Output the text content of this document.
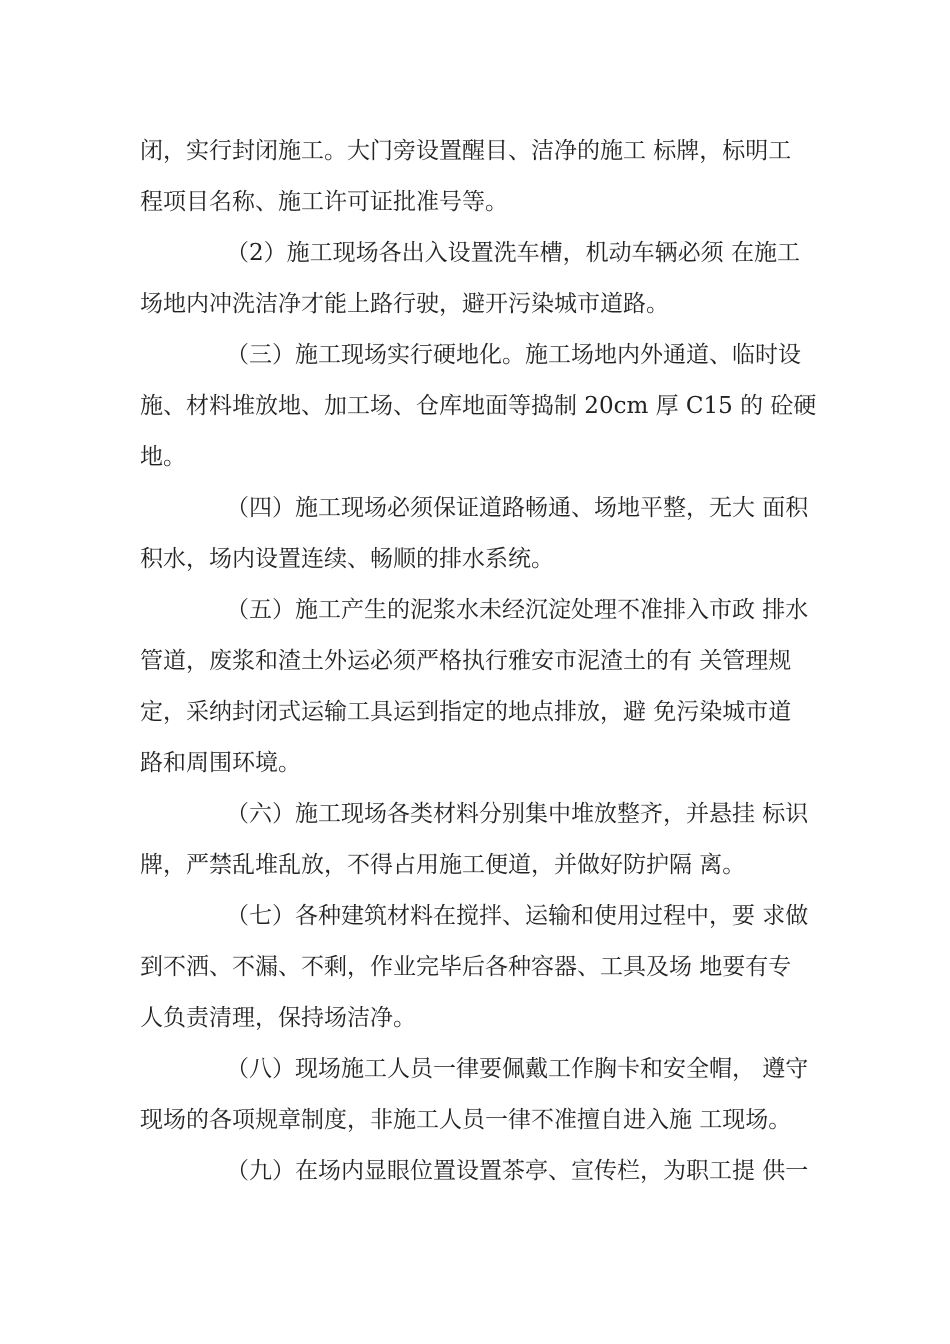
闭，实行封闭施工。大门旁设置醒目、洁净的施工 标牌，标明工
程项目名称、施工许可证批准号等。
（2）施工现场各出入设置洗车槽，机动车辆必须 在施工
场地内冲洗洁净才能上路行驶，避开污染城市道路。
（三）施工现场实行硬地化。施工场地内外通道、临时设
施、材料堆放地、加工场、仓库地面等捣制 20cm 厚 C15 的 砼硬
地。
（四）施工现场必须保证道路畅通、场地平整，无大 面积
积水，场内设置连续、畅顺的排水系统。
（五）施工产生的泥浆水未经沉淀处理不准排入市政 排水
管道，废浆和渣土外运必须严格执行雅安市泥渣土的有 关管理规
定，采纳封闭式运输工具运到指定的地点排放，避 免污染城市道
路和周围环境。
（六）施工现场各类材料分别集中堆放整齐，并悬挂 标识
牌，严禁乱堆乱放，不得占用施工便道，并做好防护隔 离。
（七）各种建筑材料在搅拌、运输和使用过程中，要 求做
到不洒、不漏、不剩，作业完毕后各种容器、工具及场 地要有专
人负责清理，保持场洁净。
（八）现场施工人员一律要佩戴工作胸卡和安全帽， 遵守
现场的各项规章制度，非施工人员一律不准擅自进入施 工现场。
（九）在场内显眼位置设置茶亭、宣传栏，为职工提 供一
